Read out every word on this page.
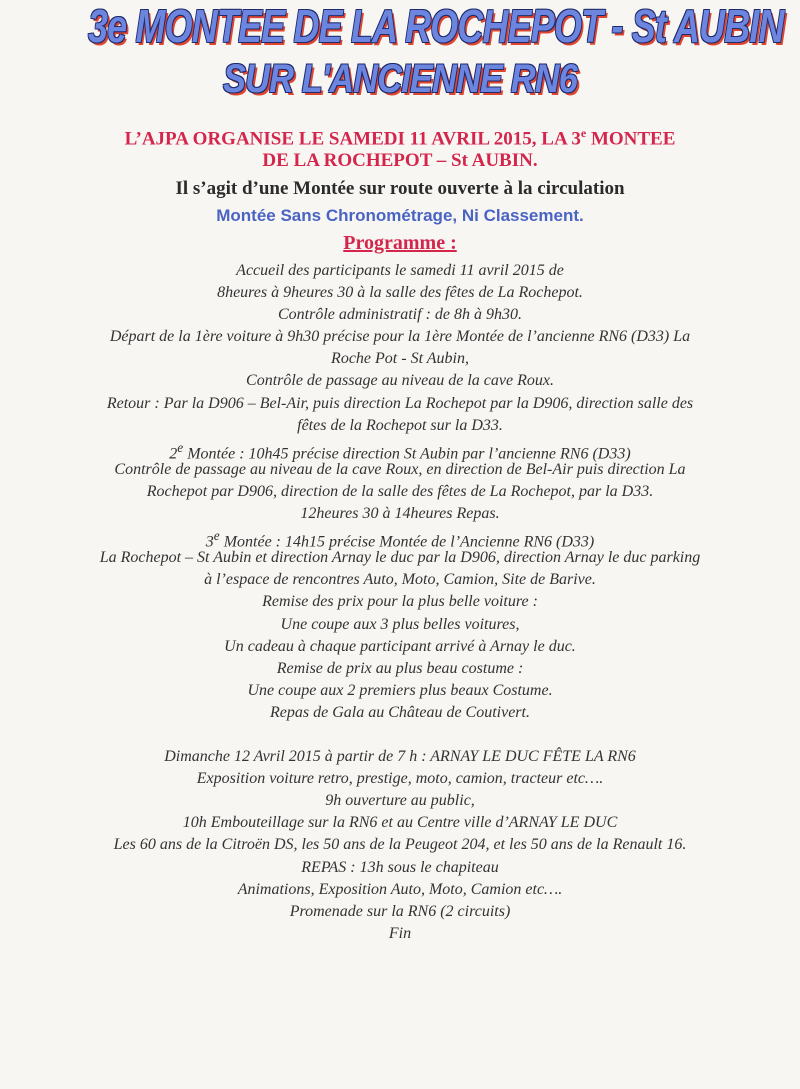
3e MONTEE DE LA ROCHEPOT - St AUBIN
SUR L'ANCIENNE RN6
L’AJPA ORGANISE LE SAMEDI 11 AVRIL 2015, LA 3e MONTEE
DE LA ROCHEPOT – St AUBIN.
Il s’agit d’une Montée sur route ouverte à la circulation
Montée Sans Chronométrage, Ni Classement.
Programme :
Accueil des participants le samedi 11 avril 2015 de
8heures à 9heures 30 à la salle des fêtes de La Rochepot.
Contrôle administratif : de 8h à 9h30.
Départ de la 1ère voiture à 9h30 précise pour la 1ère Montée de l’ancienne RN6 (D33) La
Roche Pot - St Aubin,
Contrôle de passage au niveau de la cave Roux.
Retour : Par la D906 – Bel-Air, puis direction La Rochepot par la D906, direction salle des
fêtes de la Rochepot sur la D33.
2e Montée : 10h45 précise direction St Aubin par l’ancienne RN6 (D33)
Contrôle de passage au niveau de la cave Roux, en direction de Bel-Air puis direction La
Rochepot par D906, direction de la salle des fêtes de La Rochepot, par la D33.
12heures 30 à 14heures Repas.
3e Montée : 14h15 précise Montée de l’Ancienne RN6 (D33)
La Rochepot – St Aubin et direction Arnay le duc par la D906, direction Arnay le duc parking
à l’espace de rencontres Auto, Moto, Camion, Site de Barive.
Remise des prix pour la plus belle voiture :
Une coupe aux 3 plus belles voitures,
Un cadeau à chaque participant arrivé à Arnay le duc.
Remise de prix au plus beau costume :
Une coupe aux 2 premiers plus beaux Costume.
Repas de Gala au Château de Coutivert.
Dimanche 12 Avril 2015 à partir de 7 h : ARNAY LE DUC FÊTE LA RN6
Exposition voiture retro, prestige, moto, camion, tracteur etc….
9h ouverture au public,
10h Embouteillage sur la RN6 et au Centre ville d’ARNAY LE DUC
Les 60 ans de la Citroën DS, les 50 ans de la Peugeot 204, et les 50 ans de la Renault 16.
REPAS : 13h sous le chapiteau
Animations, Exposition Auto, Moto, Camion etc….
Promenade sur la RN6 (2 circuits)
Fin
